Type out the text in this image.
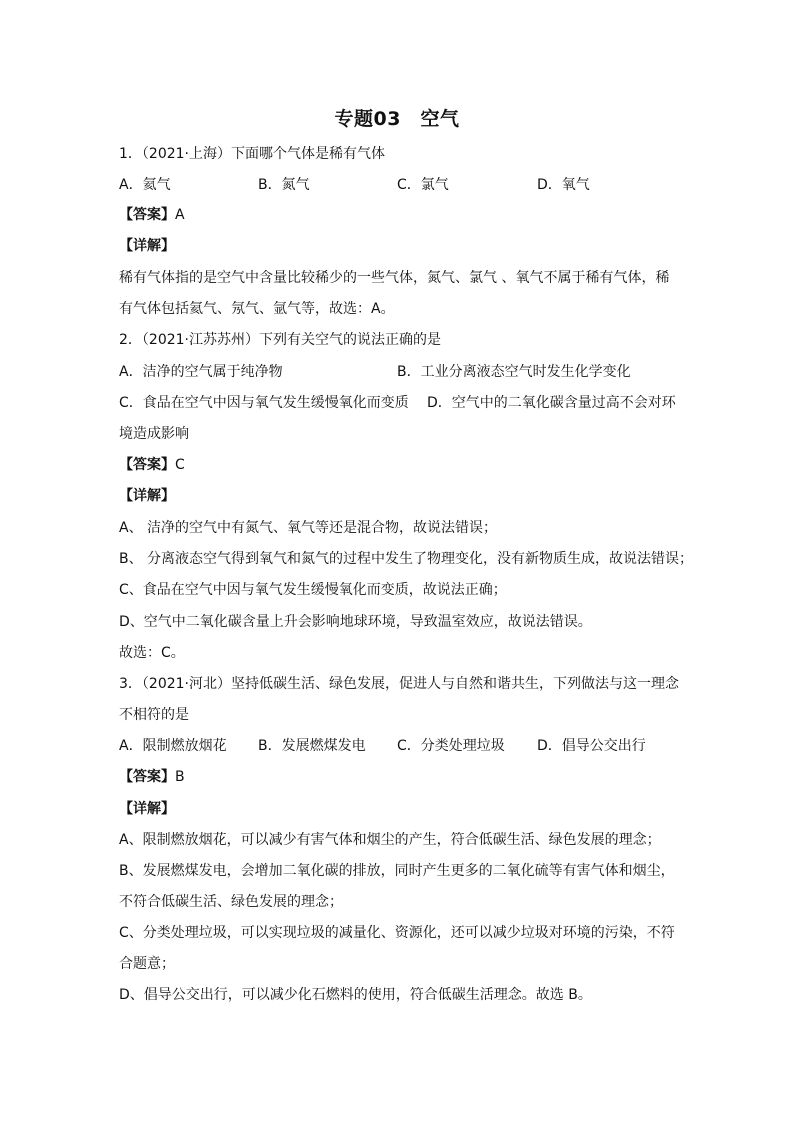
专题03　空气
1．（2021·上海）下面哪个气体是稀有气体
A．氦气	B．氮气	C．氯气	D．氧气
【答案】A
【详解】
稀有气体指的是空气中含量比较稀少的一些气体，氮气、氯气 、氧气不属于稀有气体，稀
有气体包括氦气、氖气、氩气等，故选：A。
2．（2021·江苏苏州）下列有关空气的说法正确的是
A．洁净的空气属于纯净物	B．工业分离液态空气时发生化学变化
C．食品在空气中因与氧气发生缓慢氧化而变质 D．空气中的二氧化碳含量过高不会对环
境造成影响
【答案】C
【详解】
A、 洁净的空气中有氮气、氧气等还是混合物，故说法错误；
B、 分离液态空气得到氧气和氮气的过程中发生了物理变化，没有新物质生成，故说法错误；
C、食品在空气中因与氧气发生缓慢氧化而变质，故说法正确；
D、空气中二氧化碳含量上升会影响地球环境，导致温室效应，故说法错误。
故选：C。
3．（2021·河北）坚持低碳生活、绿色发展，促进人与自然和谐共生，下列做法与这一理念
不相符的是
A．限制燃放烟花 B．发展燃煤发电 C．分类处理垃圾 D．倡导公交出行
【答案】B
【详解】
A、限制燃放烟花，可以减少有害气体和烟尘的产生，符合低碳生活、绿色发展的理念；
B、发展燃煤发电，会增加二氧化碳的排放，同时产生更多的二氧化硫等有害气体和烟尘，
不符合低碳生活、绿色发展的理念；
C、分类处理垃圾，可以实现垃圾的减量化、资源化，还可以减少垃圾对环境的污染，不符
合题意；
D、倡导公交出行，可以减少化石燃料的使用，符合低碳生活理念。故选 B。
